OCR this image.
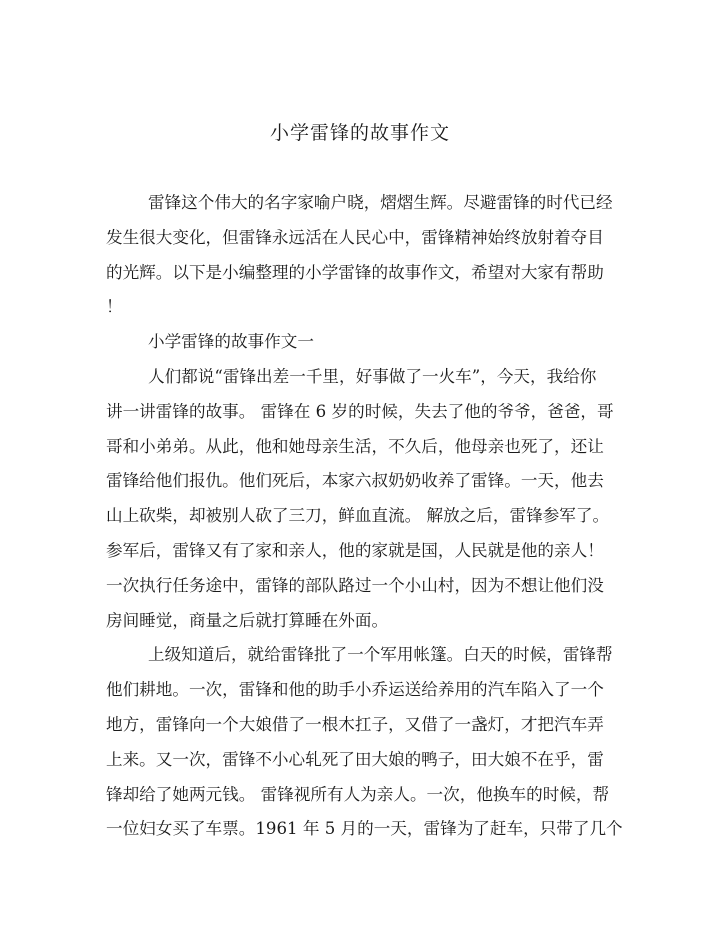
小学雷锋的故事作文
雷锋这个伟大的名字家喻户晓，熠熠生辉。尽避雷锋的时代已经
发生很大变化，但雷锋永远活在人民心中，雷锋精神始终放射着夺目
的光辉。以下是小编整理的小学雷锋的故事作文，希望对大家有帮助
！
小学雷锋的故事作文一
人们都说“雷锋出差一千里，好事做了一火车”，今天，我给你
讲一讲雷锋的故事。 雷锋在 6 岁的时候，失去了他的爷爷，爸爸，哥
哥和小弟弟。从此，他和她母亲生活，不久后，他母亲也死了，还让
雷锋给他们报仇。他们死后，本家六叔奶奶收养了雷锋。一天，他去
山上砍柴，却被别人砍了三刀，鲜血直流。 解放之后，雷锋参军了。
参军后，雷锋又有了家和亲人，他的家就是国，人民就是他的亲人！
一次执行任务途中，雷锋的部队路过一个小山村，因为不想让他们没
房间睡觉，商量之后就打算睡在外面。
上级知道后，就给雷锋批了一个军用帐篷。白天的时候，雷锋帮
他们耕地。一次，雷锋和他的助手小乔运送给养用的汽车陷入了一个
地方，雷锋向一个大娘借了一根木扛子，又借了一盏灯，才把汽车弄
上来。又一次，雷锋不小心轧死了田大娘的鸭子，田大娘不在乎，雷
锋却给了她两元钱。 雷锋视所有人为亲人。一次，他换车的时候，帮
一位妇女买了车票。1961 年 5 月的一天，雷锋为了赶车，只带了几个
